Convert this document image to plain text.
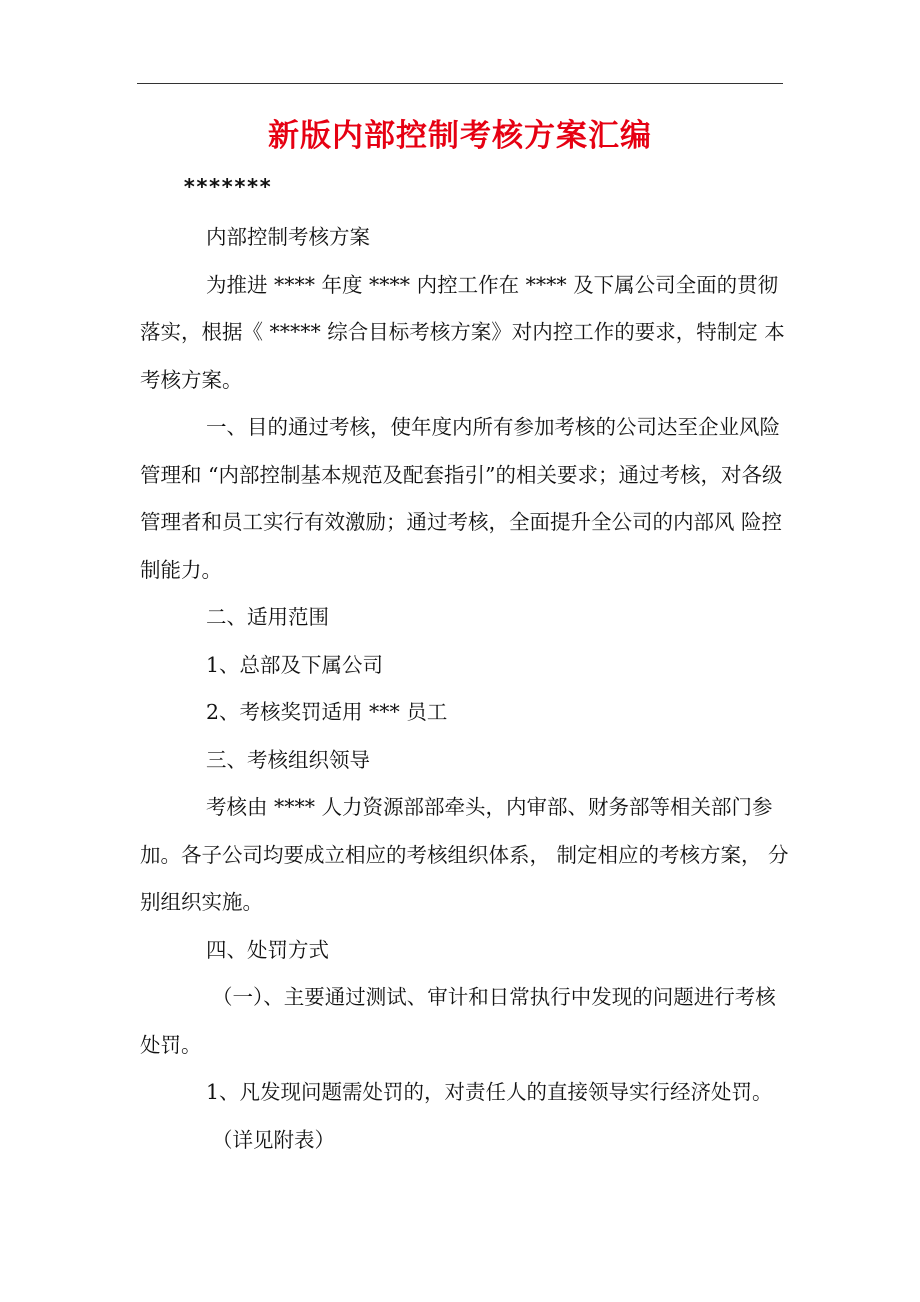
新版内部控制考核方案汇编
*******

内部控制考核方案

为推进 **** 年度 **** 内控工作在 **** 及下属公司全面的贯彻 落实，根据《 ***** 综合目标考核方案》对内控工作的要求，特制定 本考核方案。

一、目的通过考核，使年度内所有参加考核的公司达至企业风险管理和 “内部控制基本规范及配套指引”的相关要求；通过考核，对各级 管理者和员工实行有效激励；通过考核，全面提升全公司的内部风 险控制能力。

二、适用范围

1、总部及下属公司

2、考核奖罚适用 *** 员工

三、考核组织领导

考核由 **** 人力资源部部牵头，内审部、财务部等相关部门参 加。各子公司均要成立相应的考核组织体系， 制定相应的考核方案， 分别组织实施。

四、处罚方式

（一）、主要通过测试、审计和日常执行中发现的问题进行考核 处罚。

1、凡发现问题需处罚的，对责任人的直接领导实行经济处罚。

（详见附表）
